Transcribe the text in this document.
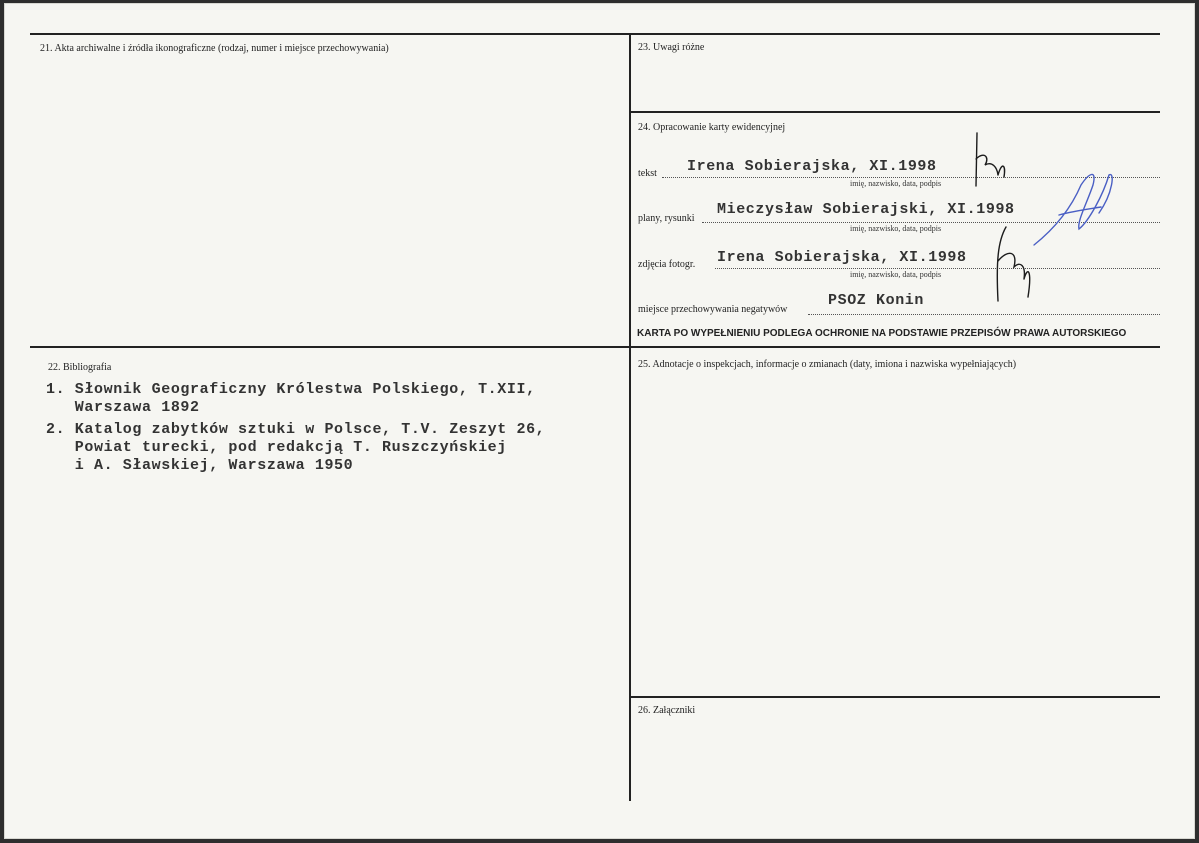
21. Akta archiwalne i źródła ikonograficzne (rodzaj, numer i miejsce przechowywania)	23. Uwagi różne
24. Opracowanie karty ewidencyjnej
tekst Irena Sobierajska, XI.1998
imię, nazwisko, data, podpis
plany, rysunki
Mieczysław Sobierajski, XI.1998
imię, nazwisko, data, podpis
zdjęcia fotogr. Irena Sobierajska, XI.1998
imię, nazwisko, data, podpis
miejsce przechowywania negatywów
PSOZ Konin
KARTA PO WYPEŁNIENIU PODLEGA OCHRONIE NA PODSTAWIE PRZEPISÓW PRAWA AUTORSKIEGO
22. Bibliografia
1. Słownik Geograficzny Królestwa Polskiego, T.XII,
Warszawa 1892
2. Katalog zabytków sztuki w Polsce, T.V. Zeszyt 26,
Powiat turecki, pod redakcją T. Ruszczyńskiej
i A. Sławskiej, Warszawa 1950
25. Adnotacje o inspekcjach, informacje o zmianach (daty, imiona i nazwiska wypełniających)
26. Załączniki
